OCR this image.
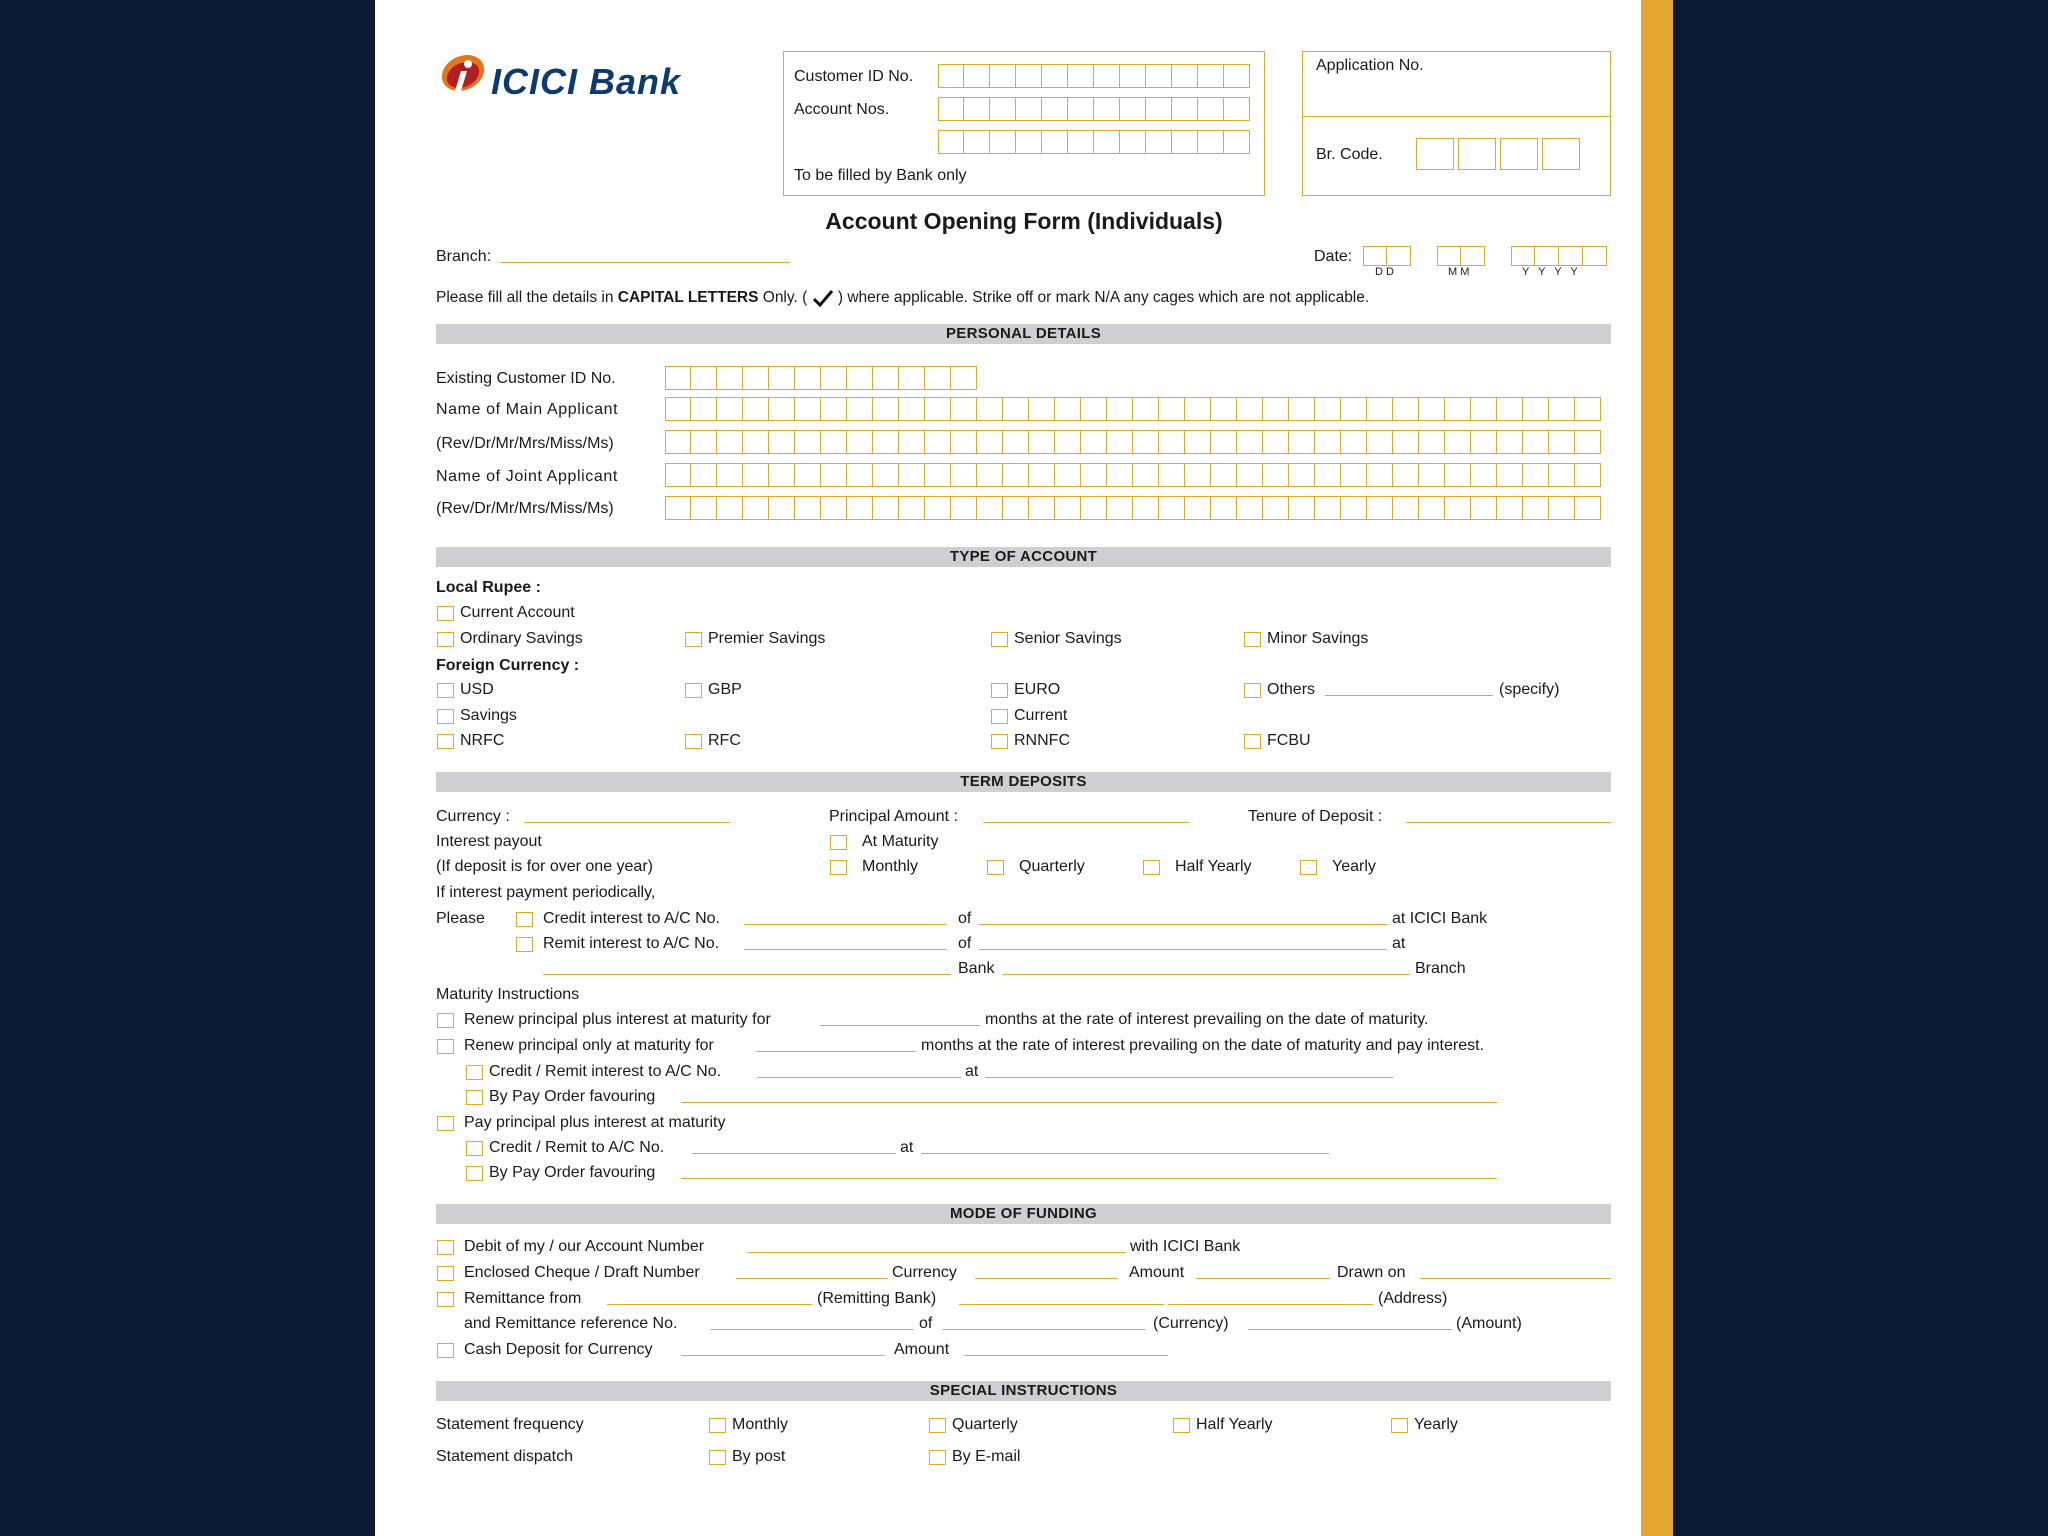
ICICI Bank	Customer ID No.
Account Nos.
To be filled by Bank only
Application No.
Br. Code.
Account Opening Form (Individuals)
Branch:	Date:
D D	M M	Y   Y   Y   Y
Please fill all the details in CAPITAL LETTERS Only. ( ) where applicable. Strike off or mark N/A any cages which are not applicable.
PERSONAL DETAILS
Existing Customer ID No.
Name of Main Applicant
(Rev/Dr/Mr/Mrs/Miss/Ms)
Name of Joint Applicant
(Rev/Dr/Mr/Mrs/Miss/Ms)
TYPE OF ACCOUNT
Local Rupee :
Current Account
Ordinary Savings	Premier Savings	Senior Savings	Minor Savings
Foreign Currency :
USD	GBP	EURO	Others	(specify)
Savings	Current
NRFC	RFC	RNNFC	FCBU
TERM DEPOSITS
Currency :	Principal Amount :	Tenure of Deposit :
Interest payout	At Maturity
(If deposit is for over one year)	Monthly	Quarterly	Half Yearly	Yearly
If interest payment periodically,
Please	Credit interest to A/C No.	of	at ICICI Bank
Remit interest to A/C No.	of	at
Bank	Branch
Maturity Instructions
Renew principal plus interest at maturity for	months at the rate of interest prevailing on the date of maturity.
Renew principal only at maturity for	months at the rate of interest prevailing on the date of maturity and pay interest.
Credit / Remit interest to A/C No.	at
By Pay Order favouring
Pay principal plus interest at maturity
Credit / Remit to A/C No.	at
By Pay Order favouring
MODE OF FUNDING
Debit of my / our Account Number	with ICICI Bank
Enclosed Cheque / Draft Number	Currency	Amount	Drawn on
Remittance from	(Remitting Bank)	(Address)
and Remittance reference No.	of	(Currency)	(Amount)
Cash Deposit for Currency	Amount
SPECIAL INSTRUCTIONS
Statement frequency	Monthly	Quarterly	Half Yearly	Yearly
Statement dispatch	By post	By E-mail
